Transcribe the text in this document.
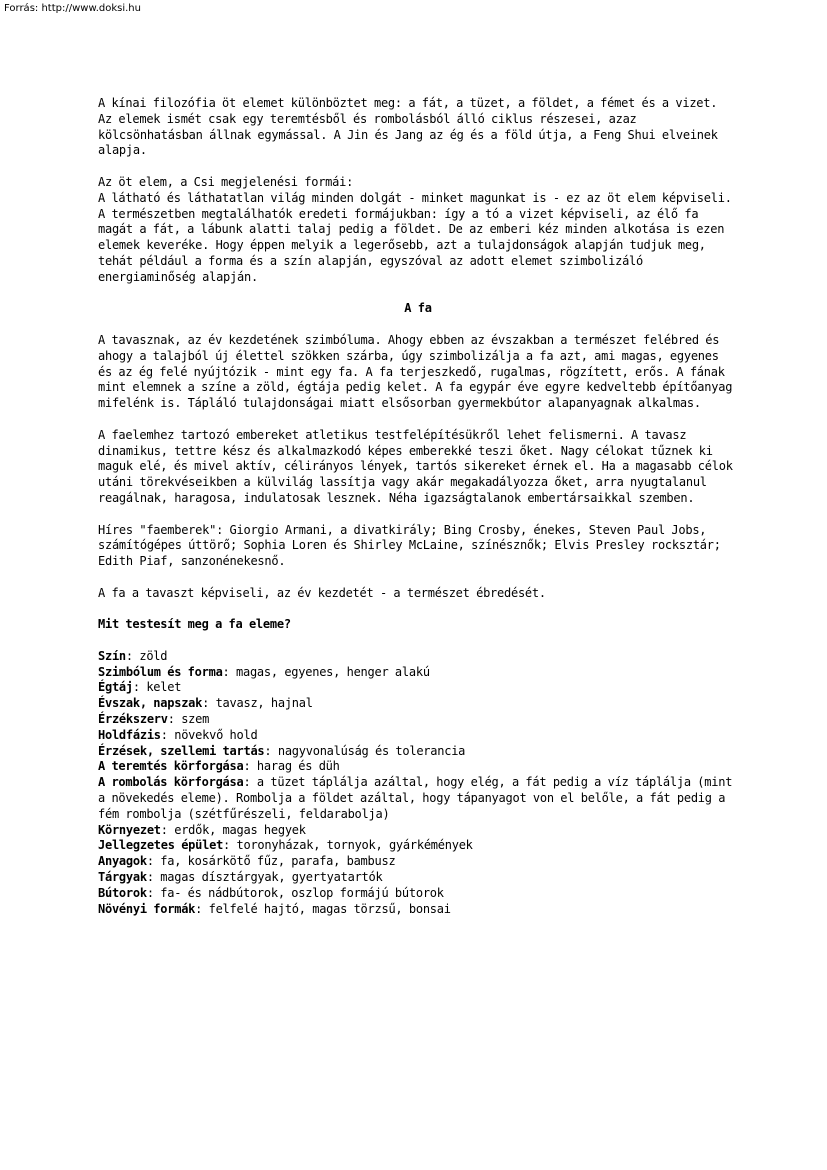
Forrás: http://www.doksi.hu

A kínai filozófia öt elemet különböztet meg: a fát, a tüzet, a földet, a fémet és a vizet.

Az elemek ismét csak egy teremtésből és rombolásból álló ciklus részesei, azaz kölcsönhatásban állnak egymással. A Jin és Jang az ég és a föld útja, a Feng Shui elveinek alapja.

Az öt elem, a Csi megjelenési formái:

A látható és láthatatlan világ minden dolgát - minket magunkat is - ez az öt elem képviseli. A természetben megtalálhatók eredeti formájukban: így a tó a vizet képviseli, az élő fa magát a fát, a lábunk alatti talaj pedig a földet. De az emberi kéz minden alkotása is ezen elemek keveréke. Hogy éppen melyik a legerősebb, azt a tulajdonságok alapján tudjuk meg, tehát például a forma és a szín alapján, egyszóval az adott elemet szimbolizáló energiaminőség alapján.

A fa

A tavasznak, az év kezdetének szimbóluma. Ahogy ebben az évszakban a természet felébred és ahogy a talajból új élettel szökken szárba, úgy szimbolizálja a fa azt, ami magas, egyenes és az ég felé nyújtózik - mint egy fa. A fa terjeszkedő, rugalmas, rögzített, erős. A fának mint elemnek a színe a zöld, égtája pedig kelet. A fa egypár éve egyre kedveltebb építőanyag mifelénk is. Tápláló tulajdonságai miatt elsősorban gyermekbútor alapanyagnak alkalmas.

A faelemhez tartozó embereket atletikus testfelépítésükről lehet felismerni. A tavasz dinamikus, tettre kész és alkalmazkodó képes emberekké teszi őket. Nagy célokat tűznek ki maguk elé, és mivel aktív, célirányos lények, tartós sikereket érnek el. Ha a magasabb célok utáni törekvéseikben a külvilág lassítja vagy akár megakadályozza őket, arra nyugtalanul reagálnak, haragosa, indulatosak lesznek. Néha igazságtalanok embertársaikkal szemben.

Híres "faemberek": Giorgio Armani, a divatkirály; Bing Crosby, énekes, Steven Paul Jobs, számítógépes úttörő; Sophia Loren és Shirley McLaine, színésznők; Elvis Presley rocksztár; Edith Piaf, sanzonénekesnő.

A fa a tavaszt képviseli, az év kezdetét - a természet ébredését.

Mit testesít meg a fa eleme?
Szín: zöld
Szimbólum és forma: magas, egyenes, henger alakú
Égtáj: kelet
Évszak, napszak: tavasz, hajnal
Érzékszerv: szem
Holdfázis: növekvő hold
Érzések, szellemi tartás: nagyvonalúság és tolerancia
A teremtés körforgása: harag és düh
A rombolás körforgása: a tüzet táplálja azáltal, hogy elég, a fát pedig a víz táplálja (mint a növekedés eleme). Rombolja a földet azáltal, hogy tápanyagot von el belőle, a fát pedig a fém rombolja (szétfűrészeli, feldarabolja)
Környezet: erdők, magas hegyek
Jellegzetes épület: toronyházak, tornyok, gyárkémények
Anyagok: fa, kosárkötő fűz, parafa, bambusz
Tárgyak: magas dísztárgyak, gyertyatartók
Bútorok: fa- és nádbútorok, oszlop formájú bútorok
Növényi formák: felfelé hajtó, magas törzsű, bonsai
